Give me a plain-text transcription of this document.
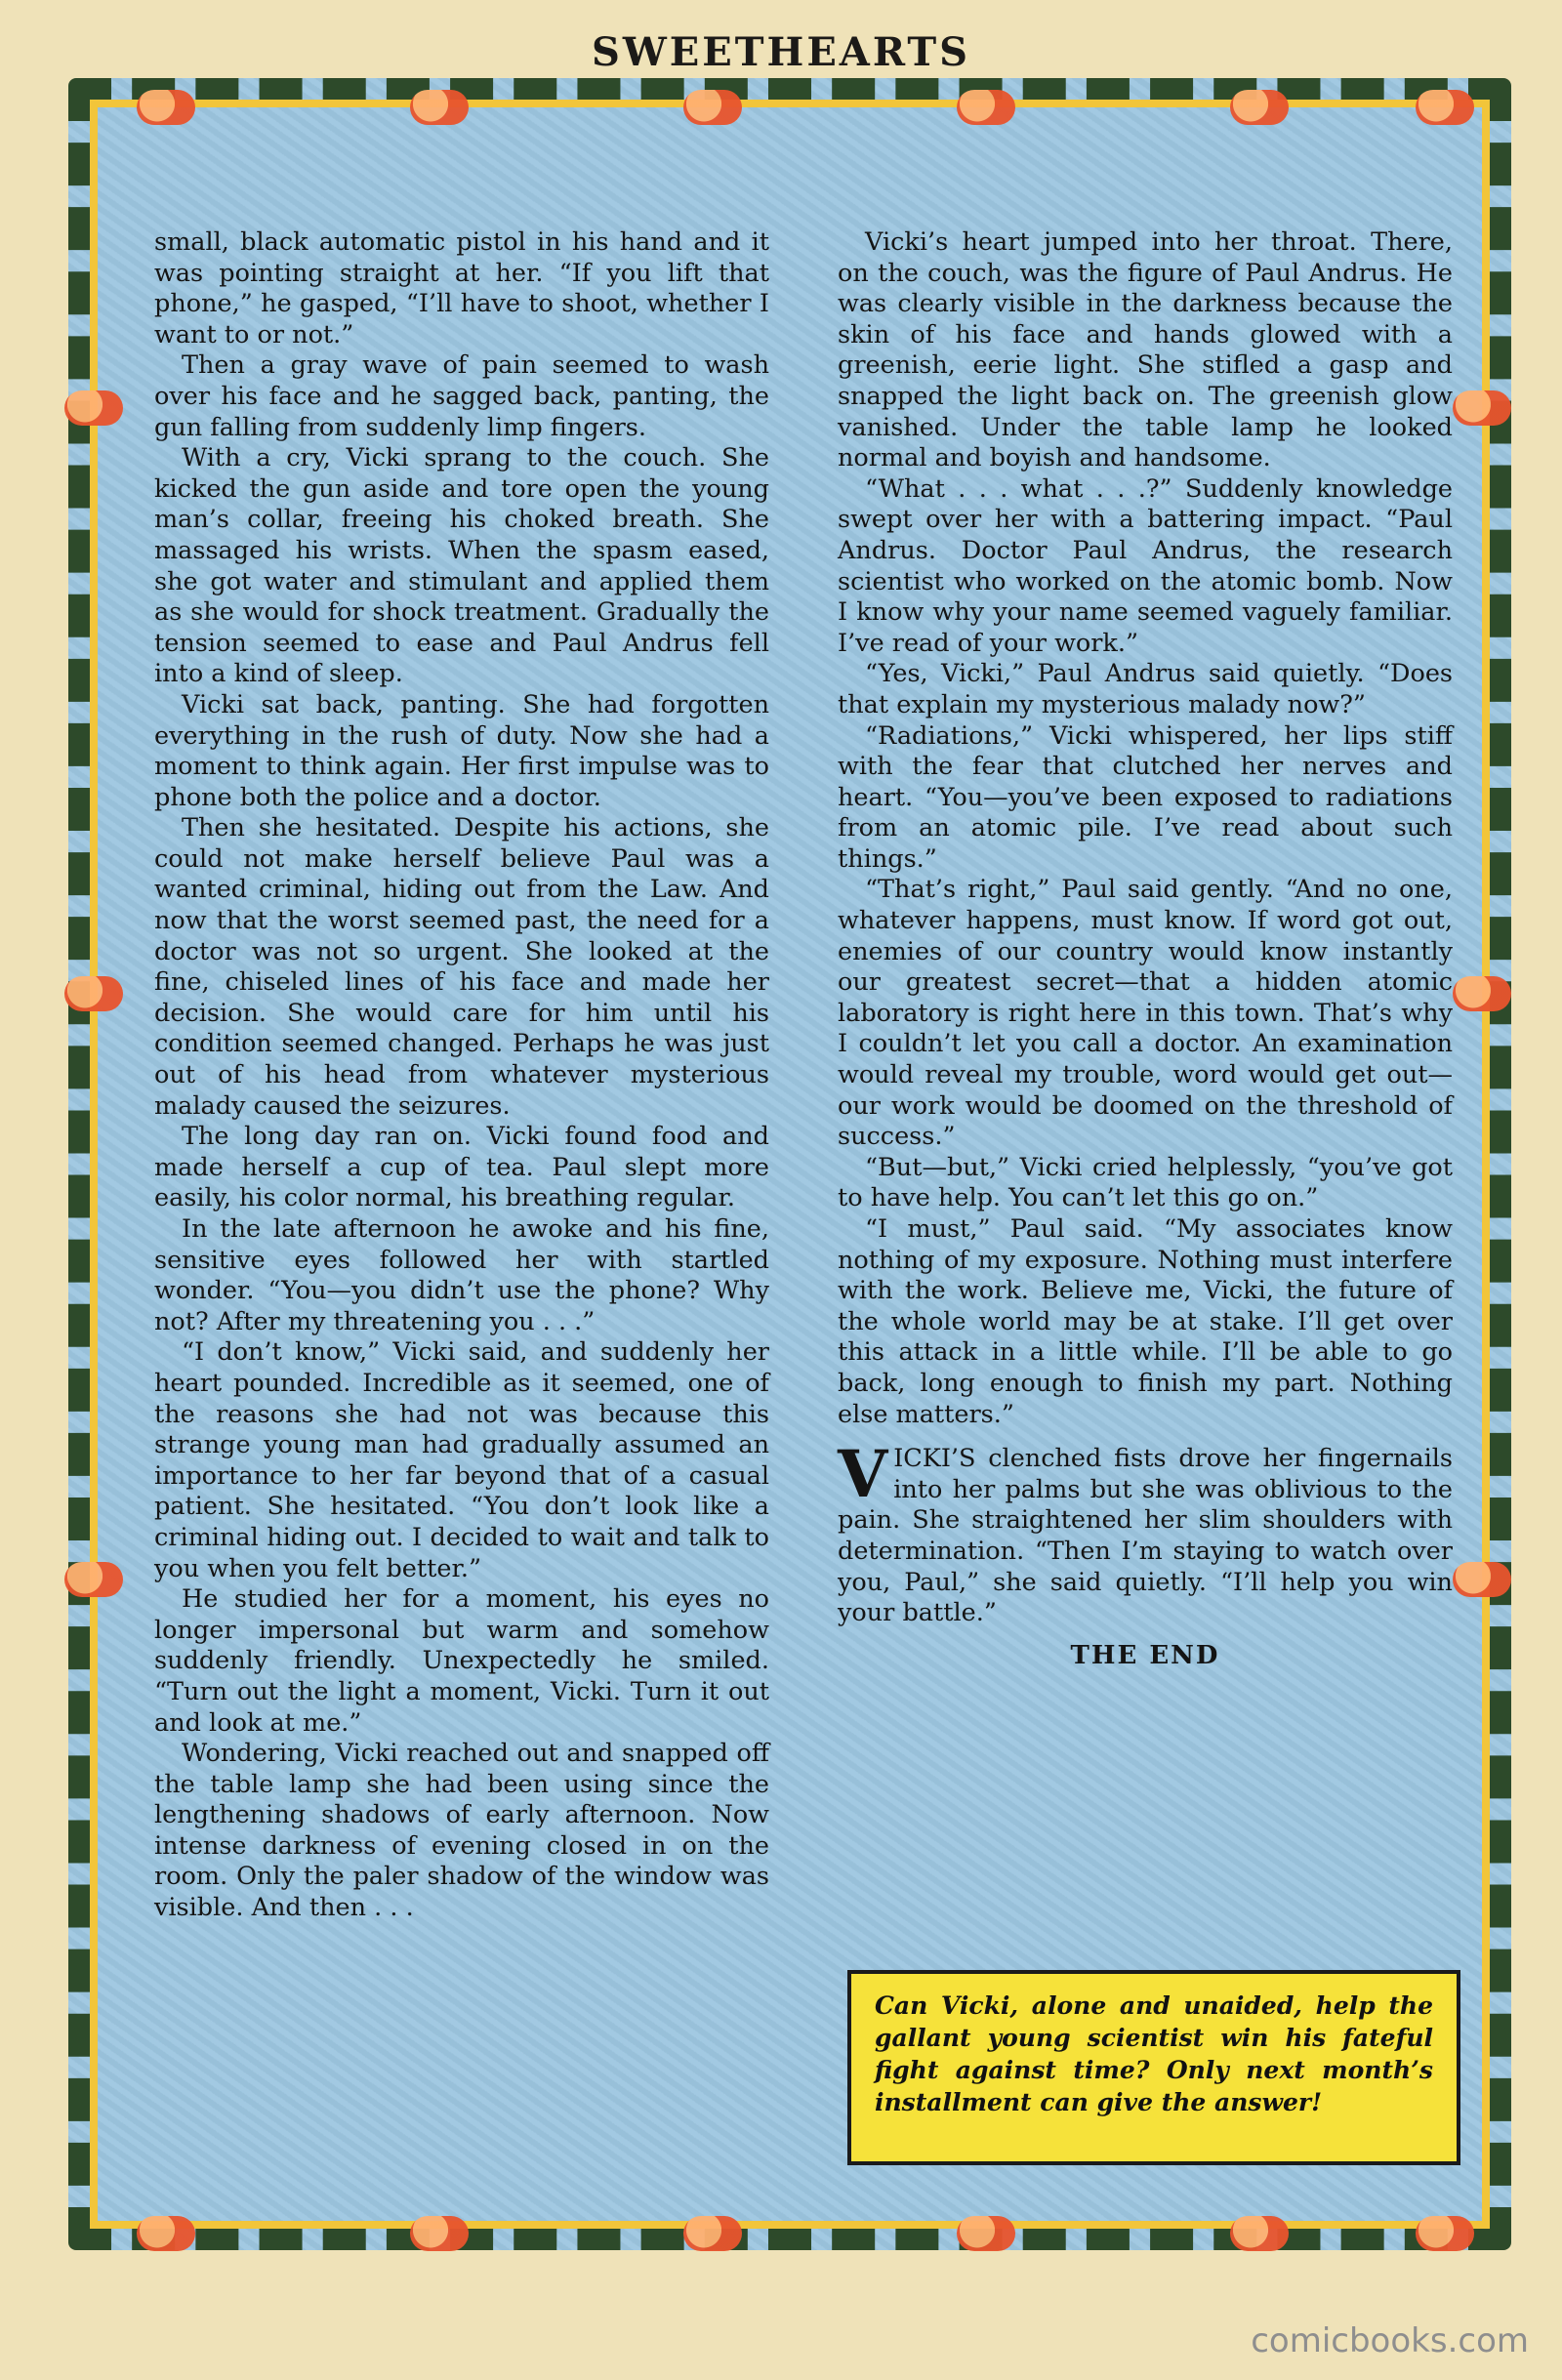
SWEETHEARTS

small, black automatic pistol in his hand and it was pointing straight at her. “If you lift that phone,” he gasped, “I’ll have to shoot, whether I want to or not.”

Then a gray wave of pain seemed to wash over his face and he sagged back, panting, the gun falling from suddenly limp fingers.

With a cry, Vicki sprang to the couch. She kicked the gun aside and tore open the young man’s collar, freeing his choked breath. She massaged his wrists. When the spasm eased, she got water and stimulant and applied them as she would for shock treatment. Gradually the tension seemed to ease and Paul Andrus fell into a kind of sleep.

Vicki sat back, panting. She had forgotten everything in the rush of duty. Now she had a moment to think again. Her first impulse was to phone both the police and a doctor.

Then she hesitated. Despite his actions, she could not make herself believe Paul was a wanted criminal, hiding out from the Law. And now that the worst seemed past, the need for a doctor was not so urgent. She looked at the fine, chiseled lines of his face and made her decision. She would care for him until his condition seemed changed. Perhaps he was just out of his head from whatever mysterious malady caused the seizures.

The long day ran on. Vicki found food and made herself a cup of tea. Paul slept more easily, his color normal, his breathing regular.

In the late afternoon he awoke and his fine, sensitive eyes followed her with startled wonder. “You—you didn’t use the phone? Why not? After my threatening you . . .”

“I don’t know,” Vicki said, and suddenly her heart pounded. Incredible as it seemed, one of the reasons she had not was because this strange young man had gradually assumed an importance to her far beyond that of a casual patient. She hesitated. “You don’t look like a criminal hiding out. I decided to wait and talk to you when you felt better.”

He studied her for a moment, his eyes no longer impersonal but warm and somehow suddenly friendly. Unexpectedly he smiled. “Turn out the light a moment, Vicki. Turn it out and look at me.”

Wondering, Vicki reached out and snapped off the table lamp she had been using since the lengthening shadows of early afternoon. Now intense darkness of evening closed in on the room. Only the paler shadow of the window was visible. And then . . .

Vicki’s heart jumped into her throat. There, on the couch, was the figure of Paul Andrus. He was clearly visible in the darkness because the skin of his face and hands glowed with a greenish, eerie light. She stifled a gasp and snapped the light back on. The greenish glow vanished. Under the table lamp he looked normal and boyish and handsome.

“What . . . what . . .?” Suddenly knowledge swept over her with a battering impact. “Paul Andrus. Doctor Paul Andrus, the research scientist who worked on the atomic bomb. Now I know why your name seemed vaguely familiar. I’ve read of your work.”

“Yes, Vicki,” Paul Andrus said quietly. “Does that explain my mysterious malady now?”

“Radiations,” Vicki whispered, her lips stiff with the fear that clutched her nerves and heart. “You—you’ve been exposed to radiations from an atomic pile. I’ve read about such things.”

“That’s right,” Paul said gently. “And no one, whatever happens, must know. If word got out, enemies of our country would know instantly our greatest secret—that a hidden atomic laboratory is right here in this town. That’s why I couldn’t let you call a doctor. An examination would reveal my trouble, word would get out—our work would be doomed on the threshold of success.”

“But—but,” Vicki cried helplessly, “you’ve got to have help. You can’t let this go on.”

“I must,” Paul said. “My associates know nothing of my exposure. Nothing must interfere with the work. Believe me, Vicki, the future of the whole world may be at stake. I’ll get over this attack in a little while. I’ll be able to go back, long enough to finish my part. Nothing else matters.”

VICKI’S clenched fists drove her fingernails into her palms but she was oblivious to the pain. She straightened her slim shoulders with determination. “Then I’m staying to watch over you, Paul,” she said quietly. “I’ll help you win your battle.”

THE END
Can Vicki, alone and unaided, help the gallant young scientist win his fateful fight against time? Only next month’s installment can give the answer!
comicbooks.com
